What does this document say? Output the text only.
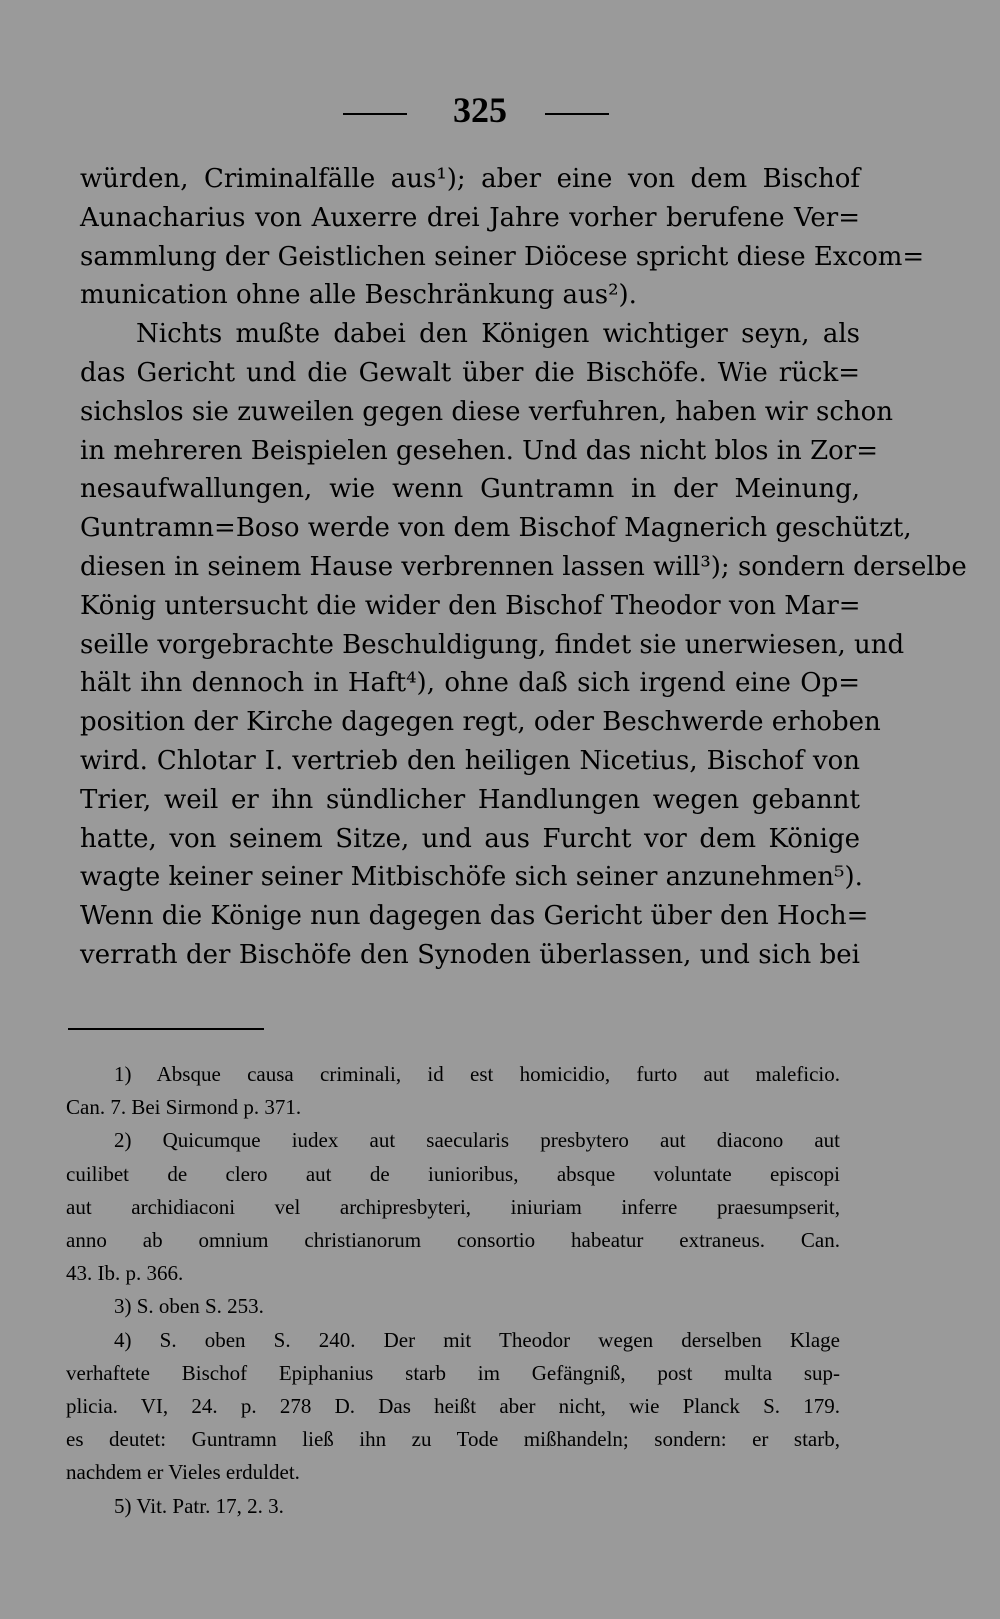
325
würden, Criminalfälle aus¹); aber eine von dem Bischof
Aunacharius von Auxerre drei Jahre vorher berufene Ver=
sammlung der Geistlichen seiner Diöcese spricht diese Excom=
munication ohne alle Beschränkung aus²).
Nichts mußte dabei den Königen wichtiger seyn, als
das Gericht und die Gewalt über die Bischöfe. Wie rück=
sichslos sie zuweilen gegen diese verfuhren, haben wir schon
in mehreren Beispielen gesehen. Und das nicht blos in Zor=
nesaufwallungen, wie wenn Guntramn in der Meinung,
Guntramn=Boso werde von dem Bischof Magnerich geschützt,
diesen in seinem Hause verbrennen lassen will³); sondern derselbe
König untersucht die wider den Bischof Theodor von Mar=
seille vorgebrachte Beschuldigung, findet sie unerwiesen, und
hält ihn dennoch in Haft⁴), ohne daß sich irgend eine Op=
position der Kirche dagegen regt, oder Beschwerde erhoben
wird. Chlotar I. vertrieb den heiligen Nicetius, Bischof von
Trier, weil er ihn sündlicher Handlungen wegen gebannt
hatte, von seinem Sitze, und aus Furcht vor dem Könige
wagte keiner seiner Mitbischöfe sich seiner anzunehmen⁵).
Wenn die Könige nun dagegen das Gericht über den Hoch=
verrath der Bischöfe den Synoden überlassen, und sich bei
1) Absque causa criminali, id est homicidio, furto aut maleficio.
Can. 7. Bei Sirmond p. 371.
2) Quicumque iudex aut saecularis presbytero aut diacono aut
cuilibet de clero aut de iunioribus, absque voluntate episcopi
aut archidiaconi vel archipresbyteri, iniuriam inferre praesumpserit,
anno ab omnium christianorum consortio habeatur extraneus. Can.
43. Ib. p. 366.
3) S. oben S. 253.
4) S. oben S. 240. Der mit Theodor wegen derselben Klage
verhaftete Bischof Epiphanius starb im Gefängniß, post multa sup-
plicia. VI, 24. p. 278 D. Das heißt aber nicht, wie Planck S. 179.
es deutet: Guntramn ließ ihn zu Tode mißhandeln; sondern: er starb,
nachdem er Vieles erduldet.
5) Vit. Patr. 17, 2. 3.
